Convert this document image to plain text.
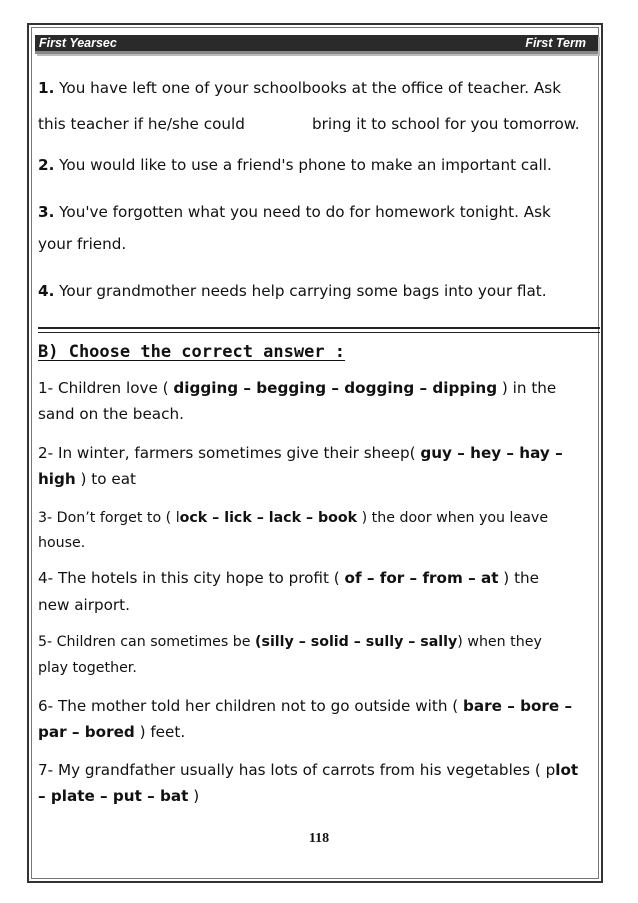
First Yearsec	First Term
1. You have left one of your schoolbooks at the office of teacher. Ask
this teacher if he/she could	bring it to school for you tomorrow.
2. You would like to use a friend's phone to make an important call.
3. You've forgotten what you need to do for homework tonight. Ask
your friend.
4. Your grandmother needs help carrying some bags into your flat.
B) Choose the correct answer :
1- Children love ( digging – begging – dogging – dipping ) in the
sand on the beach.
2- In winter, farmers sometimes give their sheep( guy – hey – hay –
high ) to eat
3- Don’t forget to ( lock – lick – lack – book ) the door when you leave
house.
4- The hotels in this city hope to profit ( of – for – from – at ) the
new airport.
5- Children can sometimes be (silly – solid – sully – sally) when they
play together.
6- The mother told her children not to go outside with ( bare – bore –
par – bored ) feet.
7- My grandfather usually has lots of carrots from his vegetables ( plot
– plate – put – bat )
118
